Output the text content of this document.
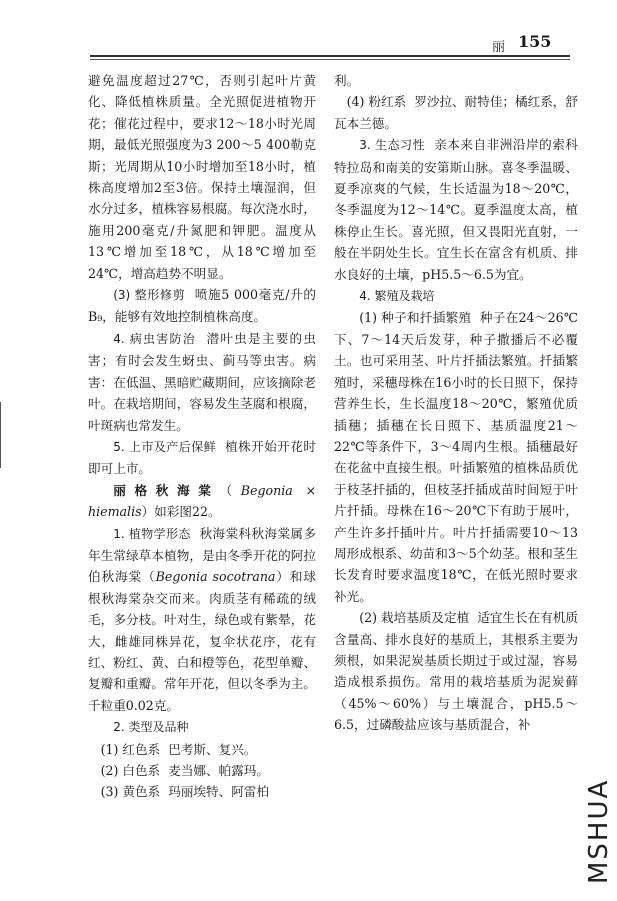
丽 155

避免温度超过27℃，否则引起叶片黄化、降低植株质量。全光照促进植物开花；催花过程中，要求12～18小时光周期，最低光照强度为3 200～5 400勒克斯；光周期从10小时增加至18小时，植株高度增加2至3倍。保持土壤湿润，但水分过多，植株容易根腐。每次浇水时，施用200毫克/升氮肥和钾肥。温度从13℃增加至18℃，从18℃增加至24℃，增高趋势不明显。

(3) 整形修剪 喷施5 000毫克/升的B₉，能够有效地控制植株高度。

4. 病虫害防治 潜叶虫是主要的虫害；有时会发生蚜虫、蓟马等虫害。病害：在低温、黑暗贮藏期间，应该摘除老叶。在栽培期间，容易发生茎腐和根腐，叶斑病也常发生。

5. 上市及产后保鲜 植株开始开花时即可上市。

丽格秋海棠（Begonia × hiemalis）如彩图22。

1. 植物学形态 秋海棠科秋海棠属多年生常绿草本植物，是由冬季开花的阿拉伯秋海棠（Begonia socotrana）和球根秋海棠杂交而来。肉质茎有稀疏的绒毛，多分枝。叶对生，绿色或有紫晕，花大，雌雄同株异花，复伞状花序，花有红、粉红、黄、白和橙等色，花型单瓣、复瓣和重瓣。常年开花，但以冬季为主。千粒重0.02克。

2. 类型及品种

(1) 红色系 巴考斯、复兴。

(2) 白色系 麦当娜、帕露玛。

(3) 黄色系 玛丽埃特、阿雷柏

利。

(4) 粉红系 罗沙拉、耐特佳；橘红系，舒瓦本兰德。

3. 生态习性 亲本来自非洲沿岸的索科特拉岛和南美的安第斯山脉。喜冬季温暖、夏季凉爽的气候，生长适温为18～20℃，冬季温度为12～14℃。夏季温度太高，植株停止生长。喜光照，但又畏阳光直射，一般在半阴处生长。宜生长在富含有机质、排水良好的土壤，pH5.5～6.5为宜。

4. 繁殖及栽培

(1) 种子和扦插繁殖 种子在24～26℃下、7～14天后发芽，种子撒播后不必覆土。也可采用茎、叶片扦插法繁殖。扦插繁殖时，采穗母株在16小时的长日照下，保持营养生长，生长温度18～20℃，繁殖优质插穗；插穗在长日照下、基质温度21～22℃等条件下，3～4周内生根。插穗最好在花盆中直接生根。叶插繁殖的植株品质优于枝茎扦插的，但枝茎扦插成苗时间短于叶片扦插。母株在16～20℃下有助于展叶，产生许多扦插叶片。叶片扦插需要10～13周形成根系、幼苗和3～5个幼茎。根和茎生长发育时要求温度18℃，在低光照时要求补光。

(2) 栽培基质及定植 适宜生长在有机质含量高、排水良好的基质上，其根系主要为须根，如果泥炭基质长期过于或过湿，容易造成根系损伤。常用的栽培基质为泥炭藓（45%～60%）与土壤混合，pH5.5～6.5，过磷酸盐应该与基质混合，补

MSHUA
